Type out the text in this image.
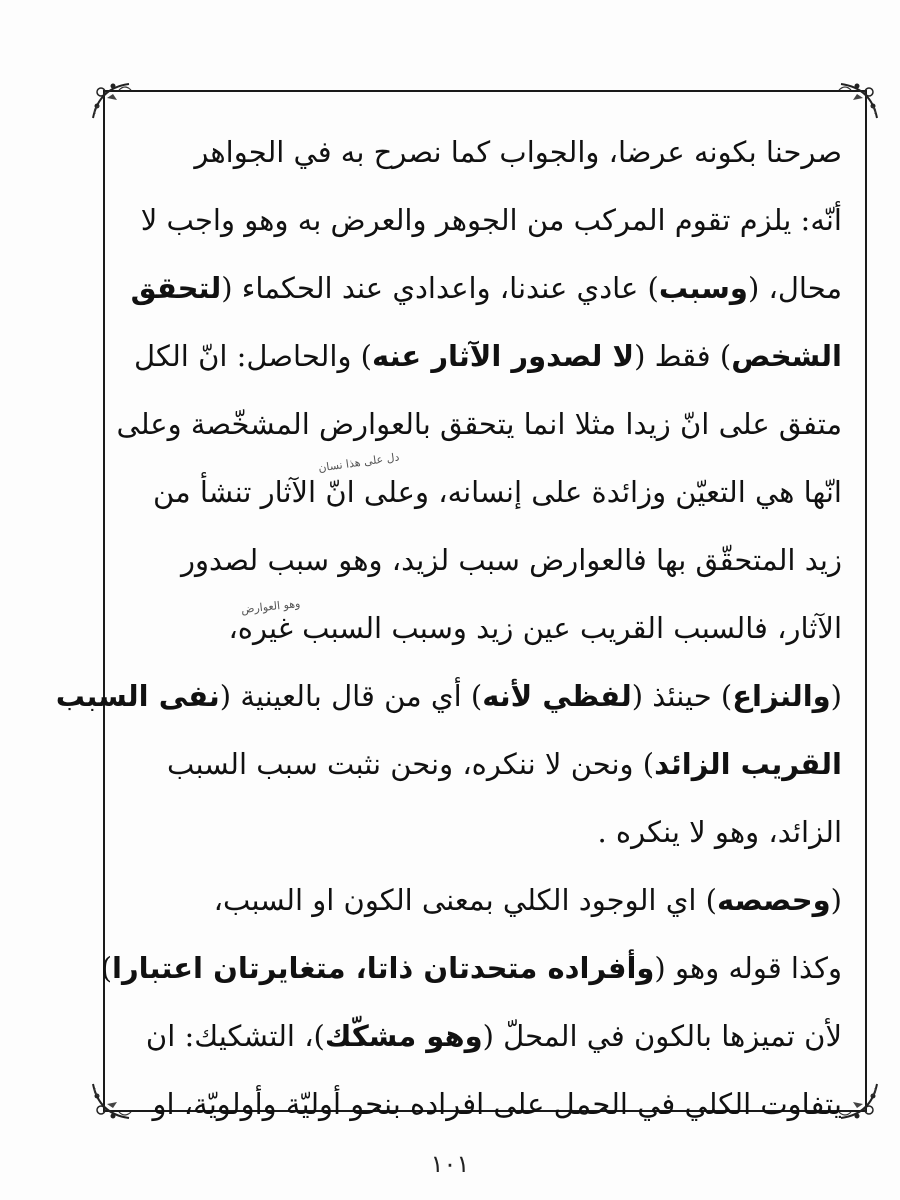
صرحنا بكونه عرضا، والجواب كما نصرح به في الجواهر
أنّه: يلزم تقوم المركب من الجوهر والعرض به وهو واجب لا
محال، (وسبب) عادي عندنا، واعدادي عند الحكماء (لتحقق
الشخص) فقط (لا لصدور الآثار عنه) والحاصل: انّ الكل
متفق على انّ زيدا مثلا انما يتحقق بالعوارض المشخّصة وعلى
انّها هي التعيّن وزائدة على إنسانه، وعلى انّ الآثار تنشأ من
زيد المتحقّق بها فالعوارض سبب لزيد، وهو سبب لصدور
الآثار، فالسبب القريب عين زيد وسبب السبب غيره،
(والنزاع) حينئذ (لفظي لأنه) أي من قال بالعينية (نفى السبب
القريب الزائد) ونحن لا ننكره، ونحن نثبت سبب السبب
الزائد، وهو لا ينكره .
(وحصصه) اي الوجود الكلي بمعنى الكون او السبب،
وكذا قوله وهو (وأفراده متحدتان ذاتا، متغايرتان اعتبارا)
لأن تميزها بالكون في المحلّ (وهو مشكّك)، التشكيك: ان
يتفاوت الكلي في الحمل على افراده بنحو أوليّة وأولويّة، او
ﺩﻝ ﻋﻠﻰ ﻫﺬﺍ ﻧﺴﺎﻥ
ﻭﻫﻮ ﺍﻟﻌﻮﺍﺭﺽ
١٠١
